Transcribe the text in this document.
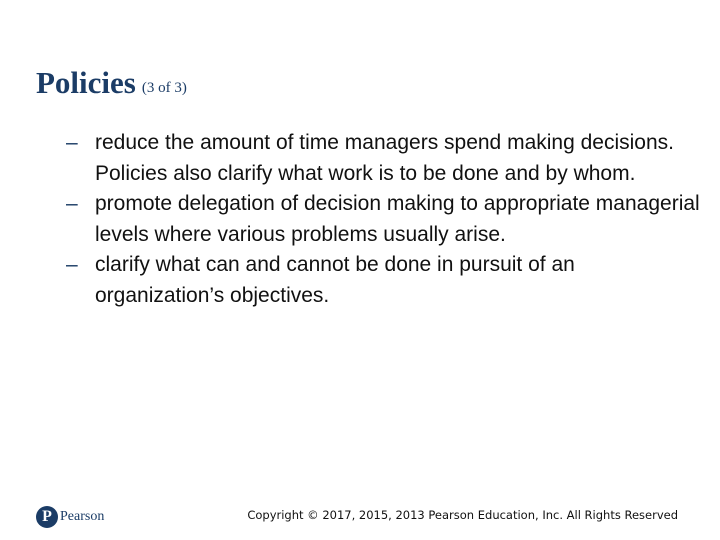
Policies (3 of 3)
– reduce the amount of time managers spend making decisions. Policies also clarify what work is to be done and by whom.
– promote delegation of decision making to appropriate managerial levels where various problems usually arise.
– clarify what can and cannot be done in pursuit of an organization’s objectives.
P Pearson	Copyright © 2017, 2015, 2013 Pearson Education, Inc. All Rights Reserved
